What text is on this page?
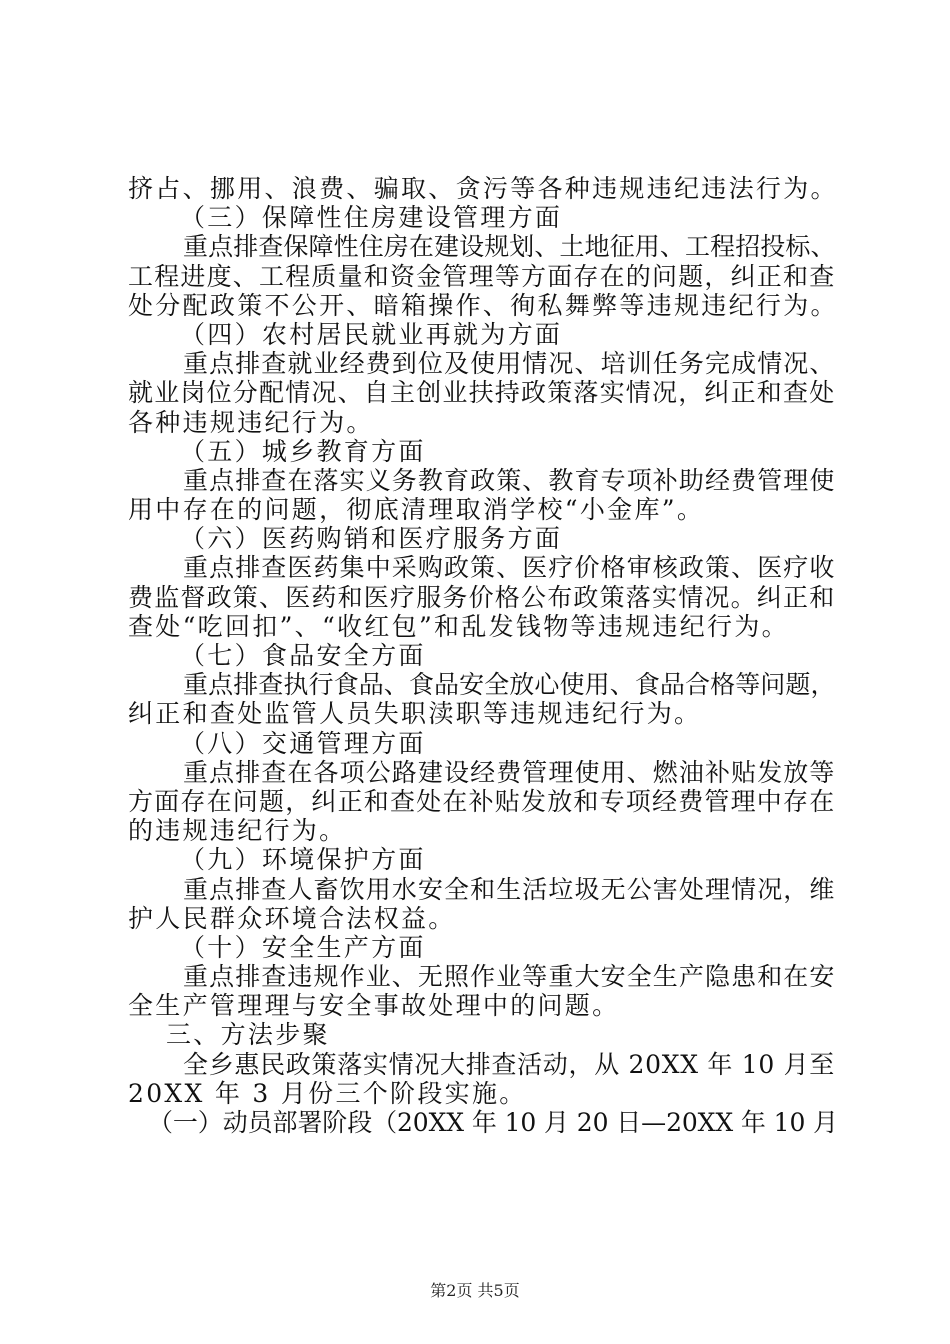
挤占、挪用、浪费、骗取、贪污等各种违规违纪违法行为。
（三）保障性住房建设管理方面
重点排查保障性住房在建设规划、土地征用、工程招投标、
工程进度、工程质量和资金管理等方面存在的问题，纠正和查
处分配政策不公开、暗箱操作、徇私舞弊等违规违纪行为。
（四）农村居民就业再就为方面
重点排查就业经费到位及使用情况、培训任务完成情况、
就业岗位分配情况、自主创业扶持政策落实情况，纠正和查处
各种违规违纪行为。
（五）城乡教育方面
重点排查在落实义务教育政策、教育专项补助经费管理使
用中存在的问题，彻底清理取消学校“小金库”。
（六）医药购销和医疗服务方面
重点排查医药集中采购政策、医疗价格审核政策、医疗收
费监督政策、医药和医疗服务价格公布政策落实情况。纠正和
查处“吃回扣”、“收红包”和乱发钱物等违规违纪行为。
（七）食品安全方面
重点排查执行食品、食品安全放心使用、食品合格等问题，
纠正和查处监管人员失职渎职等违规违纪行为。
（八）交通管理方面
重点排查在各项公路建设经费管理使用、燃油补贴发放等
方面存在问题，纠正和查处在补贴发放和专项经费管理中存在
的违规违纪行为。
（九）环境保护方面
重点排查人畜饮用水安全和生活垃圾无公害处理情况，维
护人民群众环境合法权益。
（十）安全生产方面
重点排查违规作业、无照作业等重大安全生产隐患和在安
全生产管理理与安全事故处理中的问题。
三、方法步聚
全乡惠民政策落实情况大排查活动，从 20XX 年 10 月至
20XX 年 3 月份三个阶段实施。
（一）动员部署阶段（20XX 年 10 月 20 日—20XX 年 10 月
第2页 共5页
